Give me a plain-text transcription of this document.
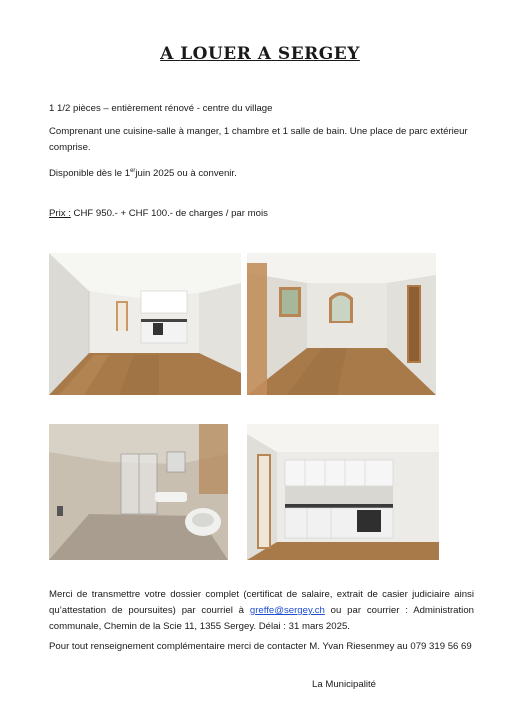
A LOUER A SERGEY

1 1/2 pièces – entièrement rénové - centre du village

Comprenant une cuisine-salle à manger, 1 chambre et 1 salle de bain. Une place de parc extérieur comprise.

Disponible dès le 1erjuin 2025 ou à convenir.

Prix : CHF 950.- + CHF 100.- de charges / par mois

Merci de transmettre votre dossier complet (certificat de salaire, extrait de casier judiciaire ainsi qu’attestation de poursuites) par courriel à greffe@sergey.ch ou par courrier : Administration communale, Chemin de la Scie 11, 1355 Sergey. Délai : 31 mars 2025.

Pour tout renseignement complémentaire merci de contacter M. Yvan Riesenmey au 079 319 56 69

La Municipalité
